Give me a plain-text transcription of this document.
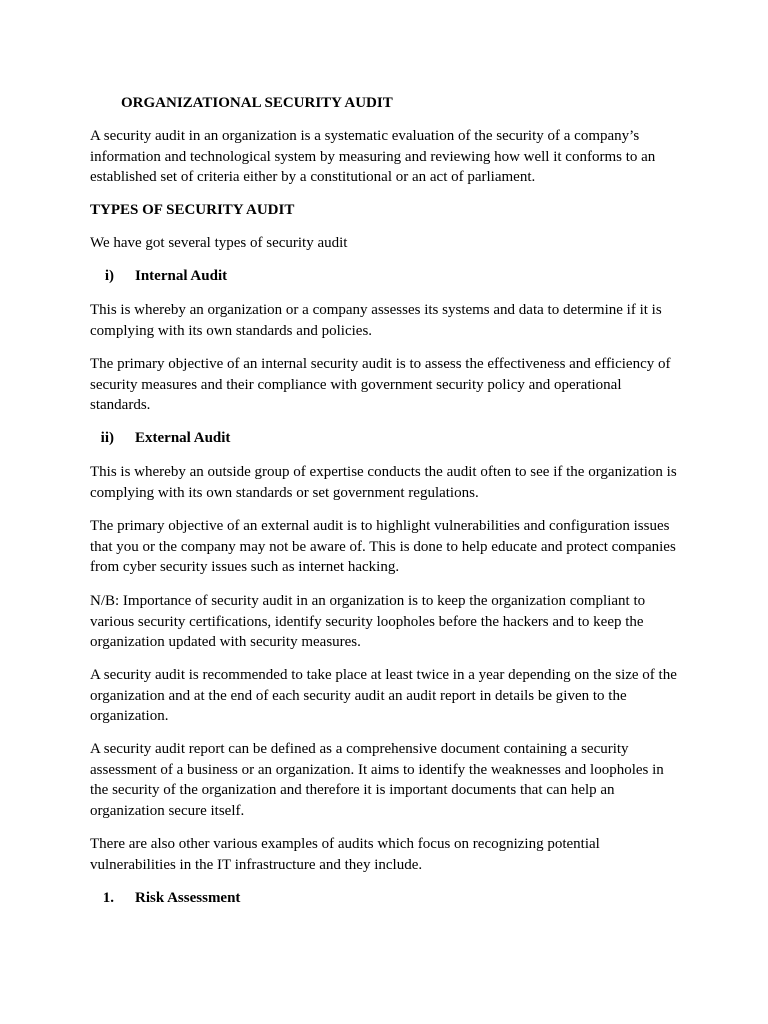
ORGANIZATIONAL SECURITY AUDIT

A security audit in an organization is a systematic evaluation of the security of a company’s information and technological system by measuring and reviewing how well it conforms to an established set of criteria either by a constitutional or an act of parliament.

TYPES OF SECURITY AUDIT

We have got several types of security audit

i) Internal Audit

This is whereby an organization or a company assesses its systems and data to determine if it is complying with its own standards and policies.

The primary objective of an internal security audit is to assess the effectiveness and efficiency of security measures and their compliance with government security policy and operational standards.

ii) External Audit

This is whereby an outside group of expertise conducts the audit often to see if the organization is complying with its own standards or set government regulations.

The primary objective of an external audit is to highlight vulnerabilities and configuration issues that you or the company may not be aware of. This is done to help educate and protect companies from cyber security issues such as internet hacking.

N/B: Importance of security audit in an organization is to keep the organization compliant to various security certifications, identify security loopholes before the hackers and to keep the organization updated with security measures.

A security audit is recommended to take place at least twice in a year depending on the size of the organization and at the end of each security audit an audit report in details be given to the organization.

A security audit report can be defined as a comprehensive document containing a security assessment of a business or an organization. It aims to identify the weaknesses and loopholes in the security of the organization and therefore it is important documents that can help an organization secure itself.

There are also other various examples of audits which focus on recognizing potential vulnerabilities in the IT infrastructure and they include.

1. Risk Assessment
